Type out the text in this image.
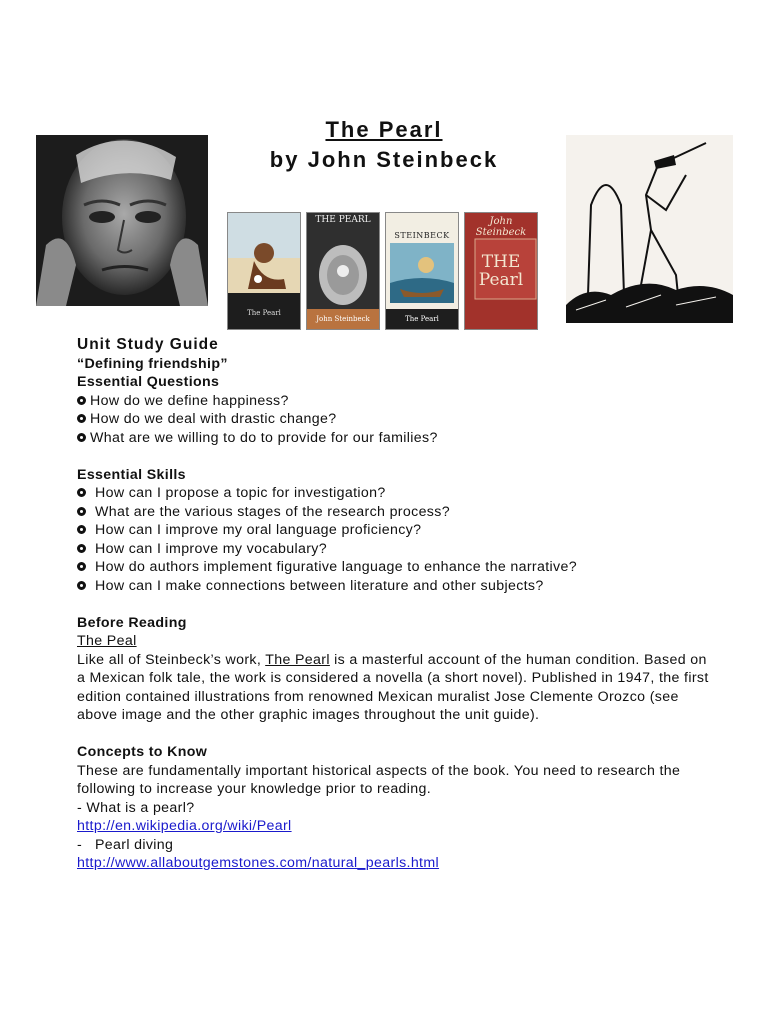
The Pearl
by John Steinbeck
The Pearl
THE PEARL
John Steinbeck
STEINBECK
The Pearl
John Steinbeck
THE Pearl

Unit Study Guide

“Defining friendship”

Essential Questions

How do we define happiness?
How do we deal with drastic change?
What are we willing to do to provide for our families?

Essential Skills

How can I propose a topic for investigation?
What are the various stages of the research process?
How can I improve my oral language proficiency?
How can I improve my vocabulary?
How do authors implement figurative language to enhance the narrative?
How can I make connections between literature and other subjects?

Before Reading

The Peal

Like all of Steinbeck’s work, The Pearl is a masterful account of the human condition. Based on a Mexican folk tale, the work is considered a novella (a short novel). Published in 1947, the first edition contained illustrations from renowned Mexican muralist Jose Clemente Orozco (see above image and the other graphic images throughout the unit guide).

Concepts to Know

These are fundamentally important historical aspects of the book. You need to research the following to increase your knowledge prior to reading.

- What is a pearl?

http://en.wikipedia.org/wiki/Pearl

-   Pearl diving

http://www.allaboutgemstones.com/natural_pearls.html
